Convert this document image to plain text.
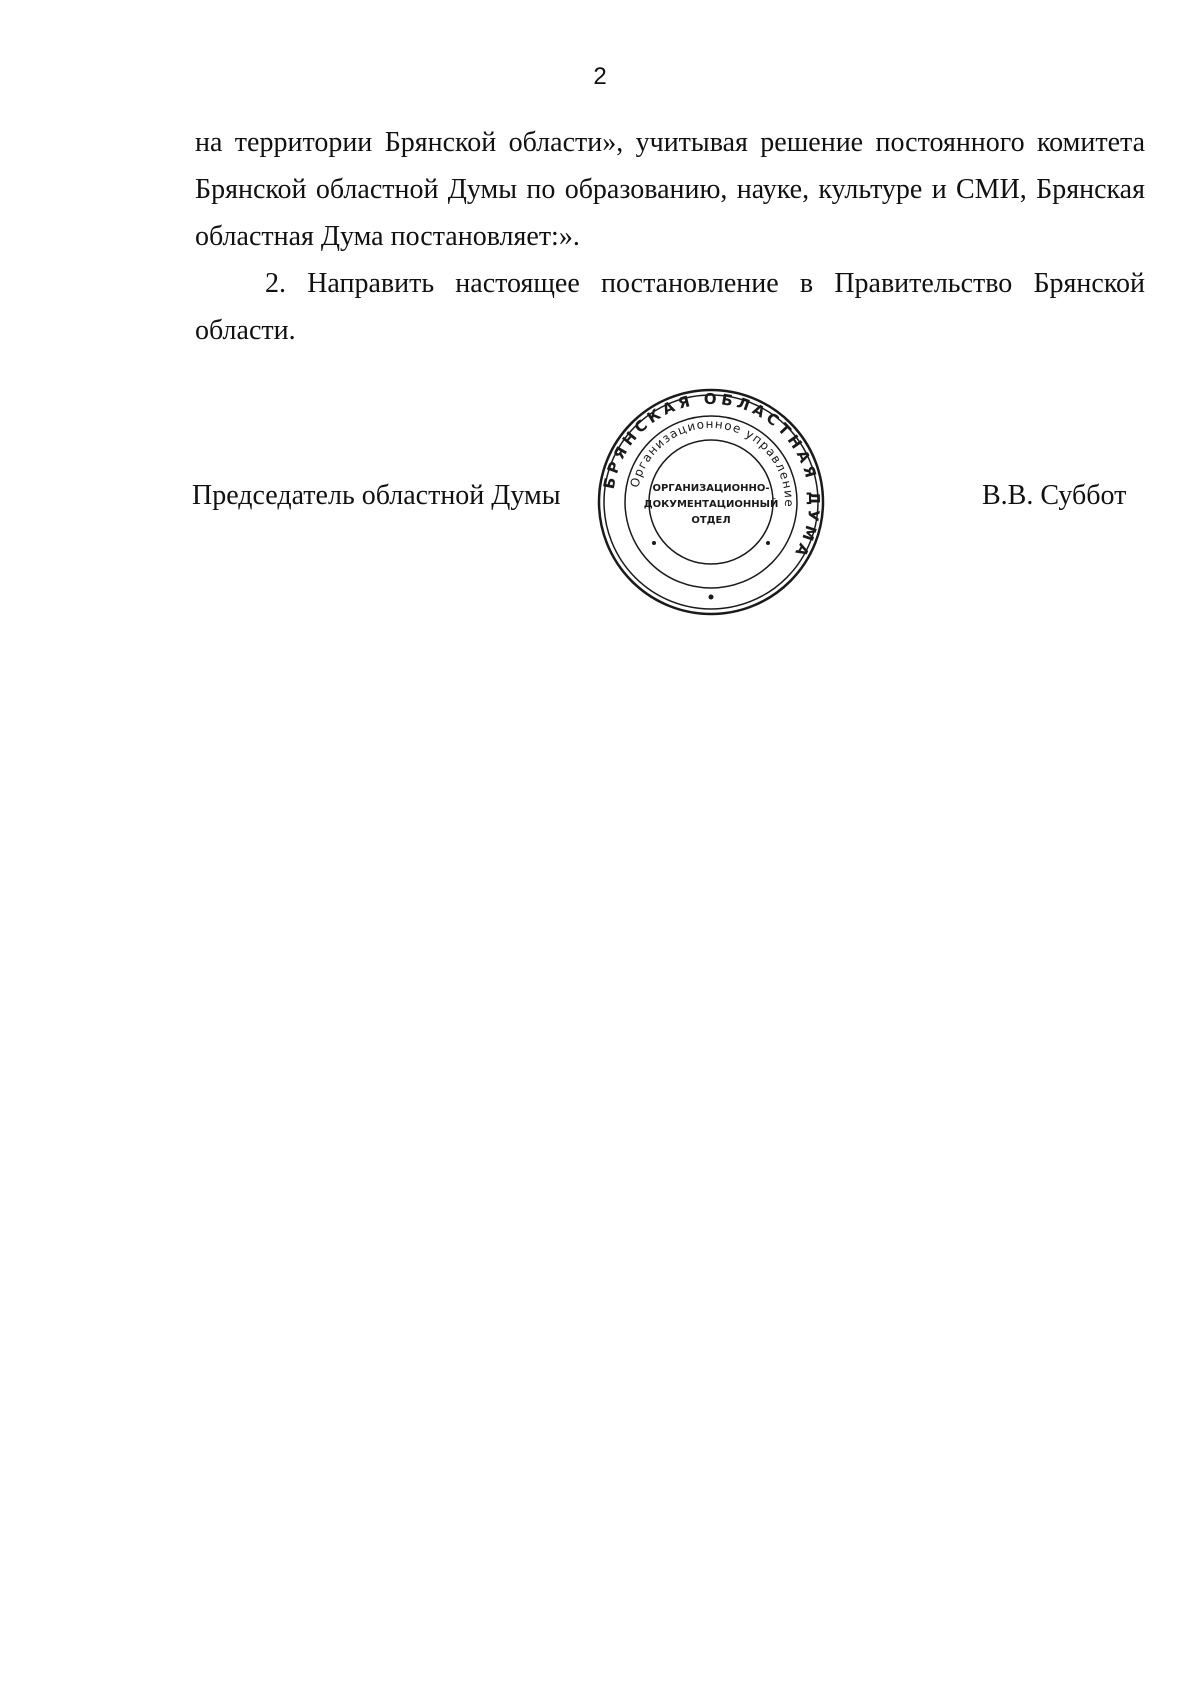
2

на территории Брянской области», учитывая решение постоянного комитета Брянской областной Думы по образованию, науке, культуре и СМИ, Брянская областная Дума постановляет:».

2. Направить настоящее постановление в Правительство Брянской области.

Председатель областной Думы	В.В. Суббот
БРЯНСКАЯ ОБЛАСТНАЯ ДУМА
Организационное управление
ОРГАНИЗАЦИОННО-
ДОКУМЕНТАЦИОННЫЙ
ОТДЕЛ
